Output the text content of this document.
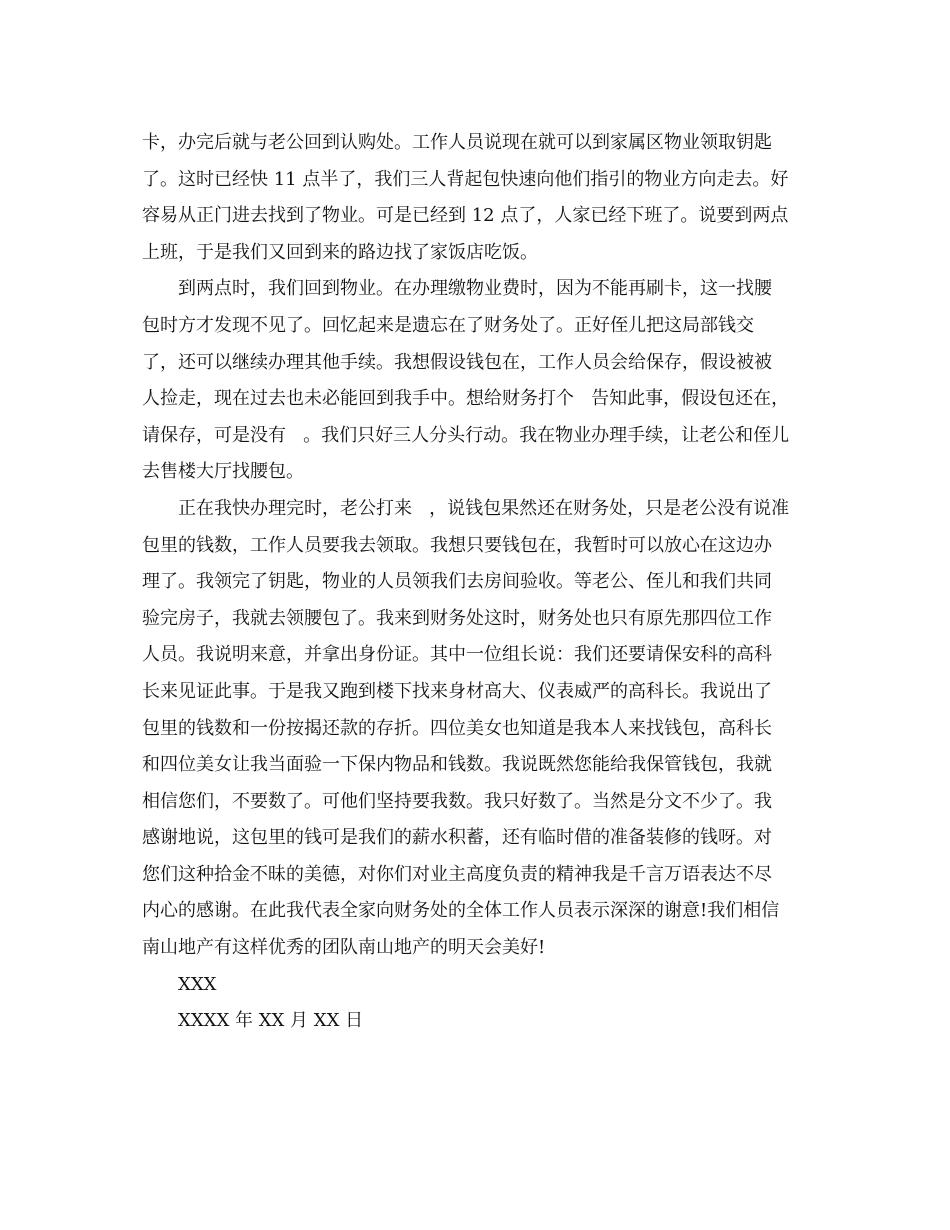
卡，办完后就与老公回到认购处。工作人员说现在就可以到家属区物业领取钥匙
了。这时已经快 11 点半了，我们三人背起包快速向他们指引的物业方向走去。好
容易从正门进去找到了物业。可是已经到 12 点了，人家已经下班了。说要到两点
上班，于是我们又回到来的路边找了家饭店吃饭。
到两点时，我们回到物业。在办理缴物业费时，因为不能再刷卡，这一找腰
包时方才发现不见了。回忆起来是遗忘在了财务处了。正好侄儿把这局部钱交
了，还可以继续办理其他手续。我想假设钱包在，工作人员会给保存，假设被被
人捡走，现在过去也未必能回到我手中。想给财务打个   告知此事，假设包还在，
请保存，可是没有   。我们只好三人分头行动。我在物业办理手续，让老公和侄儿
去售楼大厅找腰包。
正在我快办理完时，老公打来   ，说钱包果然还在财务处，只是老公没有说准
包里的钱数，工作人员要我去领取。我想只要钱包在，我暂时可以放心在这边办
理了。我领完了钥匙，物业的人员领我们去房间验收。等老公、侄儿和我们共同
验完房子，我就去领腰包了。我来到财务处这时，财务处也只有原先那四位工作
人员。我说明来意，并拿出身份证。其中一位组长说：我们还要请保安科的高科
长来见证此事。于是我又跑到楼下找来身材高大、仪表威严的高科长。我说出了
包里的钱数和一份按揭还款的存折。四位美女也知道是我本人来找钱包，高科长
和四位美女让我当面验一下保内物品和钱数。我说既然您能给我保管钱包，我就
相信您们，不要数了。可他们坚持要我数。我只好数了。当然是分文不少了。我
感谢地说，这包里的钱可是我们的薪水积蓄，还有临时借的准备装修的钱呀。对
您们这种拾金不昧的美德，对你们对业主高度负责的精神我是千言万语表达不尽
内心的感谢。在此我代表全家向财务处的全体工作人员表示深深的谢意!我们相信
南山地产有这样优秀的团队南山地产的明天会美好!
XXX
XXXX 年 XX 月 XX 日
